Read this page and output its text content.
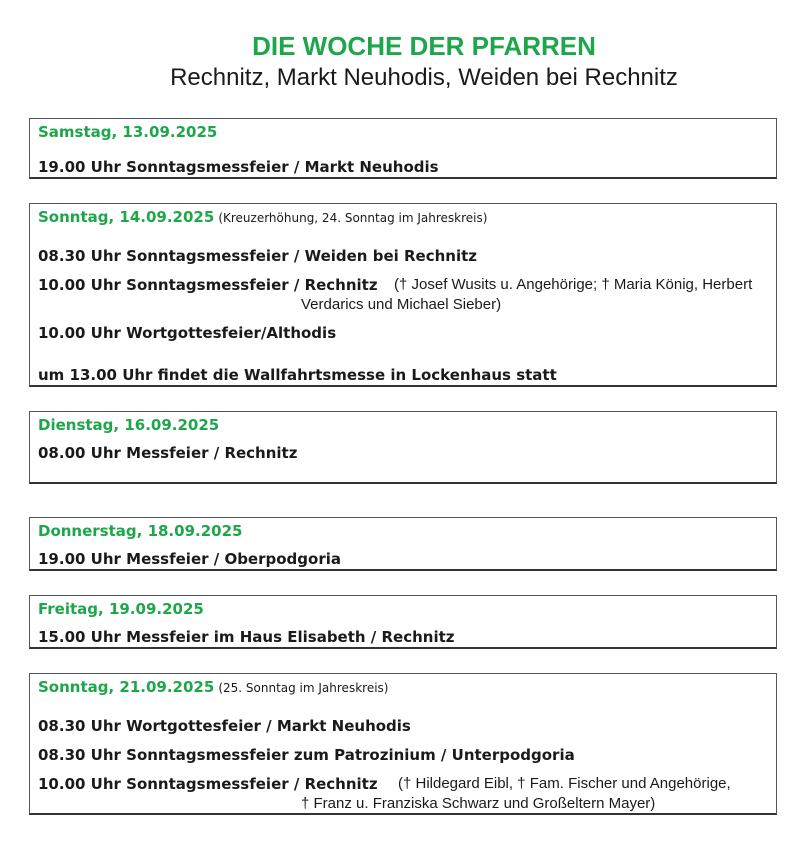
DIE WOCHE DER PFARREN
Rechnitz, Markt Neuhodis, Weiden bei Rechnitz
Samstag, 13.09.2025
19.00 Uhr Sonntagsmessfeier / Markt Neuhodis
Sonntag, 14.09.2025 (Kreuzerhöhung, 24. Sonntag im Jahreskreis)
08.30 Uhr Sonntagsmessfeier / Weiden bei Rechnitz
10.00 Uhr Sonntagsmessfeier / Rechnitz († Josef Wusits u. Angehörige; † Maria König, Herbert
Verdarics und Michael Sieber)
10.00 Uhr Wortgottesfeier/Althodis
um 13.00 Uhr findet die Wallfahrtsmesse in Lockenhaus statt
Dienstag, 16.09.2025
08.00 Uhr Messfeier / Rechnitz
Donnerstag, 18.09.2025
19.00 Uhr Messfeier / Oberpodgoria
Freitag, 19.09.2025
15.00 Uhr Messfeier im Haus Elisabeth / Rechnitz
Sonntag, 21.09.2025 (25. Sonntag im Jahreskreis)
08.30 Uhr Wortgottesfeier / Markt Neuhodis
08.30 Uhr Sonntagsmessfeier zum Patrozinium / Unterpodgoria
10.00 Uhr Sonntagsmessfeier / Rechnitz († Hildegard Eibl, † Fam. Fischer und Angehörige,
† Franz u. Franziska Schwarz und Großeltern Mayer)
